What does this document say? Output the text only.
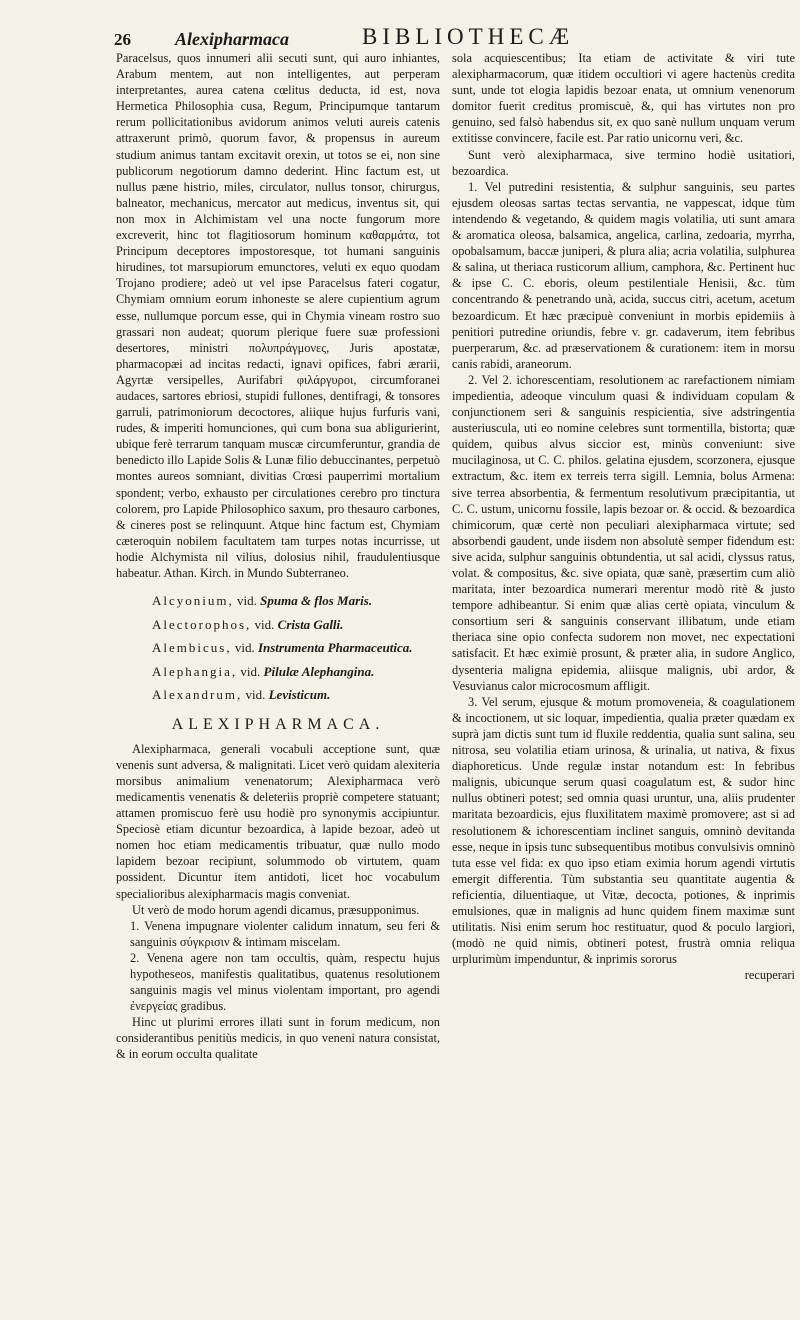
26 Alexipharmaca	BIBLIOTHECÆ

Paracelsus, quos innumeri alii secuti sunt, qui auro inhiantes, Arabum mentem, aut non intelligentes, aut perperam interpretantes, aurea catena cœlitus deducta, id est, nova Hermetica Philosophia cusa, Regum, Principumque tantarum rerum pollicitationibus avidorum animos veluti aureis catenis attraxerunt primò, quorum favor, & propensus in aureum studium animus tantam excitavit orexin, ut totos se ei, non sine publicorum negotiorum damno dederint. Hinc factum est, ut nullus pæne histrio, miles, circulator, nullus tonsor, chirurgus, balneator, mechanicus, mercator aut medicus, inventus sit, qui non mox in Alchimistam vel una nocte fungorum more excreverit, hinc tot flagitiosorum hominum καθαρμάτα, tot Principum deceptores impostoresque, tot humani sanguinis hirudines, tot marsupiorum emunctores, veluti ex equo quodam Trojano prodiere; adeò ut vel ipse Paracelsus fateri cogatur, Chymiam omnium eorum inhoneste se alere cupientium agrum esse, nullumque porcum esse, qui in Chymia vineam rostro suo grassari non audeat; quorum plerique fuere suæ professioni desertores, ministri πολυπράγμονες, Juris apostatæ, pharmacopæi ad incitas redacti, ignavi opifices, fabri ærarii, Agyrtæ versipelles, Aurifabri φιλάργυροι, circumforanei audaces, sartores ebriosi, stupidi fullones, dentifragi, & tonsores garruli, patrimoniorum decoctores, aliique hujus furfuris vani, rudes, & imperiti homunciones, qui cum bona sua abligurierint, ubique ferè terrarum tanquam muscæ circumferuntur, grandia de benedicto illo Lapide Solis & Lunæ filio debuccinantes, perpetuò montes aureos somniant, divitias Crœsi pauperrimi mortalium spondent; verbo, exhausto per circulationes cerebro pro tinctura colorem, pro Lapide Philosophico saxum, pro thesauro carbones, & cineres post se relinquunt. Atque hinc factum est, Chymiam cæteroquin nobilem facultatem tam turpes notas incurrisse, ut hodie Alchymista nil vilius, dolosius nihil, fraudulentiusque habeatur. Athan. Kirch. in Mundo Subterraneo.

Alcyonium, vid. Spuma & flos Maris.
Alectorophos, vid. Crista Galli.
Alembicus, vid. Instrumenta Pharmaceutica.
Alephangia, vid. Pilulæ Alephangina.
Alexandrum, vid. Levisticum.
ALEXIPHARMACA.

Alexipharmaca, generali vocabuli acceptione sunt, quæ venenis sunt adversa, & malignitati. Licet verò quidam alexiteria morsibus animalium venenatorum; Alexipharmaca verò medicamentis venenatis & deleteriis propriè competere statuant; attamen promiscuo ferè usu hodiè pro synonymis accipiuntur. Speciosè etiam dicuntur bezoardica, à lapide bezoar, adeò ut nomen hoc etiam medicamentis tribuatur, quæ nullo modo lapidem bezoar recipiunt, solummodo ob virtutem, quam possident. Dicuntur item antidoti, licet hoc vocabulum specialioribus alexipharmacis magis conveniat.

Ut verò de modo horum agendi dicamus, præsupponimus.

1. Venena impugnare violenter calidum innatum, seu feri & sanguinis σύγκρισιν & intimam miscelam.

2. Venena agere non tam occultis, quàm, respectu hujus hypotheseos, manifestis qualitatibus, quatenus resolutionem sanguinis magis vel minus violentam important, pro agendi ἐνεργείας gradibus.

Hinc ut plurimi errores illati sunt in forum medicum, non considerantibus penitiùs medicis, in quo veneni natura consistat, & in eorum occulta qualitate

sola acquiescentibus; Ita etiam de activitate & viri tute alexipharmacorum, quæ itidem occultiori vi agere hactenùs credita sunt, unde tot elogia lapidis bezoar enata, ut omnium venenorum domitor fuerit creditus promiscuè, &, qui has virtutes non pro genuino, sed falsò habendus sit, ex quo sanè nullum unquam verum extitisse convincere, facile est. Par ratio unicornu veri, &c.

Sunt verò alexipharmaca, sive termino hodiè usitatiori, bezoardica.

1. Vel putredini resistentia, & sulphur sanguinis, seu partes ejusdem oleosas sartas tectas servantia, ne vappescat, idque tùm intendendo & vegetando, & quidem magis volatilia, uti sunt amara & aromatica oleosa, balsamica, angelica, carlina, zedoaria, myrrha, opobalsamum, baccæ juniperi, & plura alia; acria volatilia, sulphurea & salina, ut theriaca rusticorum allium, camphora, &c. Pertinent huc & ipse C. C. eboris, oleum pestilentiale Henisii, &c. tùm concentrando & penetrando unà, acida, succus citri, acetum, acetum bezoardicum. Et hæc præcipuè conveniunt in morbis epidemiis à penitiori putredine oriundis, febre v. gr. cadaverum, item febribus puerperarum, &c. ad præservationem & curationem: item in morsu canis rabidi, araneorum.

2. Vel 2. ichorescentiam, resolutionem ac rarefactionem nimiam impedientia, adeoque vinculum quasi & individuam copulam & conjunctionem seri & sanguinis respicientia, sive adstringentia austeriuscula, uti eo nomine celebres sunt tormentilla, bistorta; quæ quidem, quibus alvus siccior est, minùs conveniunt: sive mucilaginosa, ut C. C. philos. gelatina ejusdem, scorzonera, ejusque extractum, &c. item ex terreis terra sigill. Lemnia, bolus Armena: sive terrea absorbentia, & fermentum resolutivum præcipitantia, ut C. C. ustum, unicornu fossile, lapis bezoar or. & occid. & bezoardica chimicorum, quæ certè non peculiari alexipharmaca virtute; sed absorbendi gaudent, unde iisdem non absolutè semper fidendum est: sive acida, sulphur sanguinis obtundentia, ut sal acidi, clyssus ratus, volat. & compositus, &c. sive opiata, quæ sanè, præsertim cum aliò maritata, inter bezoardica numerari merentur modò ritè & justo tempore adhibeantur. Si enim quæ alias certè opiata, vinculum & consortium seri & sanguinis conservant illibatum, unde etiam theriaca sine opio confecta sudorem non movet, nec expectationi satisfacit. Et hæc eximiè prosunt, & præter alia, in sudore Anglico, dysenteria maligna epidemia, aliisque malignis, ubi ardor, & Vesuvianus calor microcosmum affligit.

3. Vel serum, ejusque & motum promoveneia, & coagulationem & incoctionem, ut sic loquar, impedientia, qualia præter quædam ex suprà jam dictis sunt tum id fluxile reddentia, qualia sunt salina, seu nitrosa, seu volatilia etiam urinosa, & urinalia, ut nativa, & fixus diaphoreticus. Unde regulæ instar notandum est: In febribus malignis, ubicunque serum quasi coagulatum est, & sudor hinc nullus obtineri potest; sed omnia quasi uruntur, una, aliis prudenter maritata bezoardicis, ejus fluxilitatem maximè promovere; ast si ad resolutionem & ichorescentiam inclinet sanguis, omninò devitanda esse, neque in ipsis tunc subsequentibus motibus convulsivis omninò tuta esse vel fida: ex quo ipso etiam eximia horum agendi virtutis emergit differentia. Tùm substantia seu quantitate augentia & reficientia, diluentiaque, ut Vitæ, decocta, potiones, & inprimis emulsiones, quæ in malignis ad hunc quidem finem maximæ sunt utilitatis. Nisi enim serum hoc restituatur, quod & poculo largiori, (modò ne quid nimis, obtineri potest, frustrà omnia reliqua urplurimùm impenduntur, & inprimis sororus

recuperari
